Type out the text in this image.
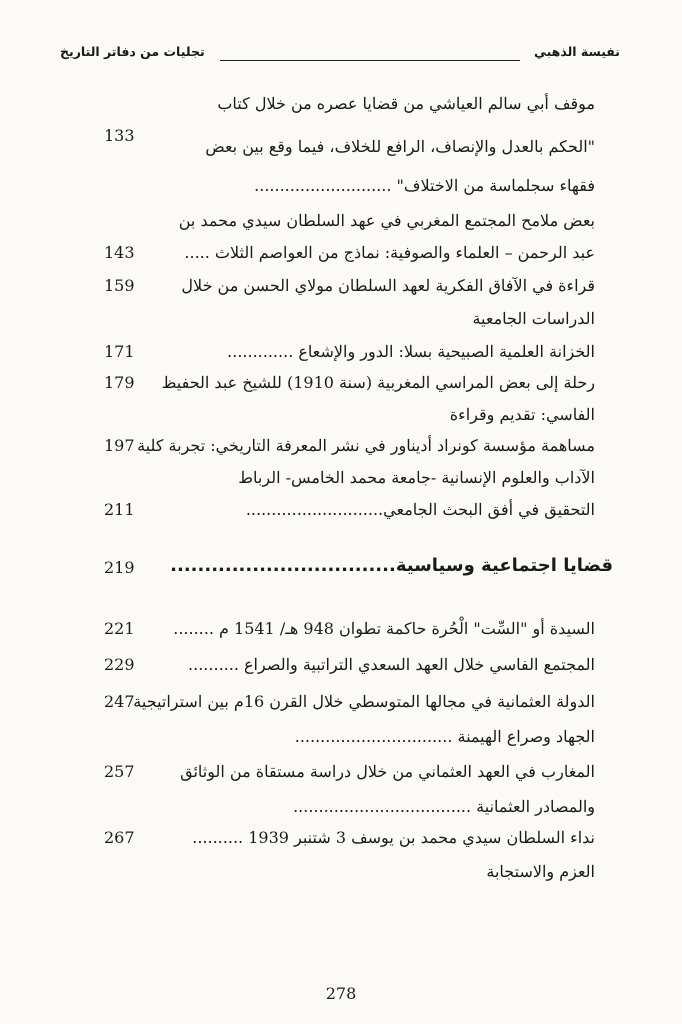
نفيسة الذهبي
تجليات من دفاتر التاريخ
موقف أبي سالم العياشي من قضايا عصره من خلال كتاب
"الحكم بالعدل والإنصاف، الرافع للخلاف، فيما وقع بين بعض
133
فقهاء سجلماسة من الاختلاف" ...........................
بعض ملامح المجتمع المغربي في عهد السلطان سيدي محمد بن
عبد الرحمن – العلماء والصوفية: نماذج من العواصم الثلاث .....
143
قراءة في الآفاق الفكرية لعهد السلطان مولاي الحسن من خلال
159
الدراسات الجامعية
الخزانة العلمية الصبيحية بسلا: الدور والإشعاع .............
171
رحلة إلى بعض المراسي المغربية (سنة 1910) للشيخ عبد الحفيظ
179
الفاسي: تقديم وقراءة
مساهمة مؤسسة كونراد أديناور في نشر المعرفة التاريخي: تجربة كلية
197
الآداب والعلوم الإنسانية -جامعة محمد الخامس- الرباط
التحقيق في أفق البحث الجامعي...........................
211
قضايا اجتماعية وسياسية.................................
219
السيدة أو "السِّت" الْحُرة حاكمة تطوان 948 هـ/ 1541 م ........
221
المجتمع الفاسي خلال العهد السعدي التراتبية والصراع ..........
229
الدولة العثمانية في مجالها المتوسطي خلال القرن 16م بين استراتيجية
247
الجهاد وصراع الهيمنة ...............................
المغارب في العهد العثماني من خلال دراسة مستقاة من الوثائق
257
والمصادر العثمانية ...................................
نداء السلطان سيدي محمد بن يوسف 3 شتنبر 1939 ..........
267
العزم والاستجابة
278
